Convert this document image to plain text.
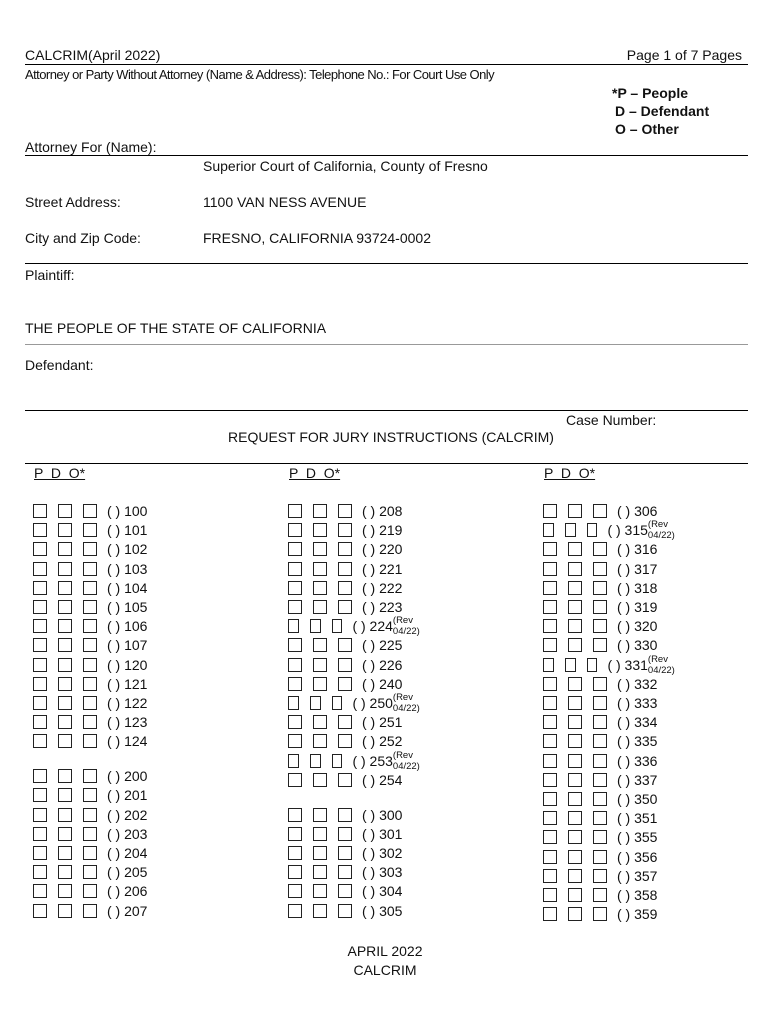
CALCRIM(April 2022)	Page 1 of 7 Pages
Attorney or Party Without Attorney (Name & Address): Telephone No.: For Court Use Only
*P – People
D – Defendant
O – Other
Attorney For (Name):
Superior Court of California, County of Fresno
Street Address:	1100 VAN NESS AVENUE
City and Zip Code:	FRESNO, CALIFORNIA 93724-0002
Plaintiff:
THE PEOPLE OF THE STATE OF CALIFORNIA
Defendant:
Case Number:
REQUEST FOR JURY INSTRUCTIONS (CALCRIM)
P  D  O*	P  D  O*	P  D  O*
( ) 100
( ) 101
( ) 102
( ) 103
( ) 104
( ) 105
( ) 106
( ) 107
( ) 120
( ) 121
( ) 122
( ) 123
( ) 124
( ) 200
( ) 201
( ) 202
( ) 203
( ) 204
( ) 205
( ) 206
( ) 207
( ) 208
( ) 219
( ) 220
( ) 221
( ) 222
( ) 223
( ) 224 (Rev 04/22)
( ) 225
( ) 226
( ) 240
( ) 250 (Rev 04/22)
( ) 251
( ) 252
( ) 253 (Rev 04/22)
( ) 254
( ) 300
( ) 301
( ) 302
( ) 303
( ) 304
( ) 305
( ) 306
( ) 315 (Rev 04/22)
( ) 316
( ) 317
( ) 318
( ) 319
( ) 320
( ) 330
( ) 331 (Rev 04/22)
( ) 332
( ) 333
( ) 334
( ) 335
( ) 336
( ) 337
( ) 350
( ) 351
( ) 355
( ) 356
( ) 357
( ) 358
( ) 359
APRIL 2022
CALCRIM
